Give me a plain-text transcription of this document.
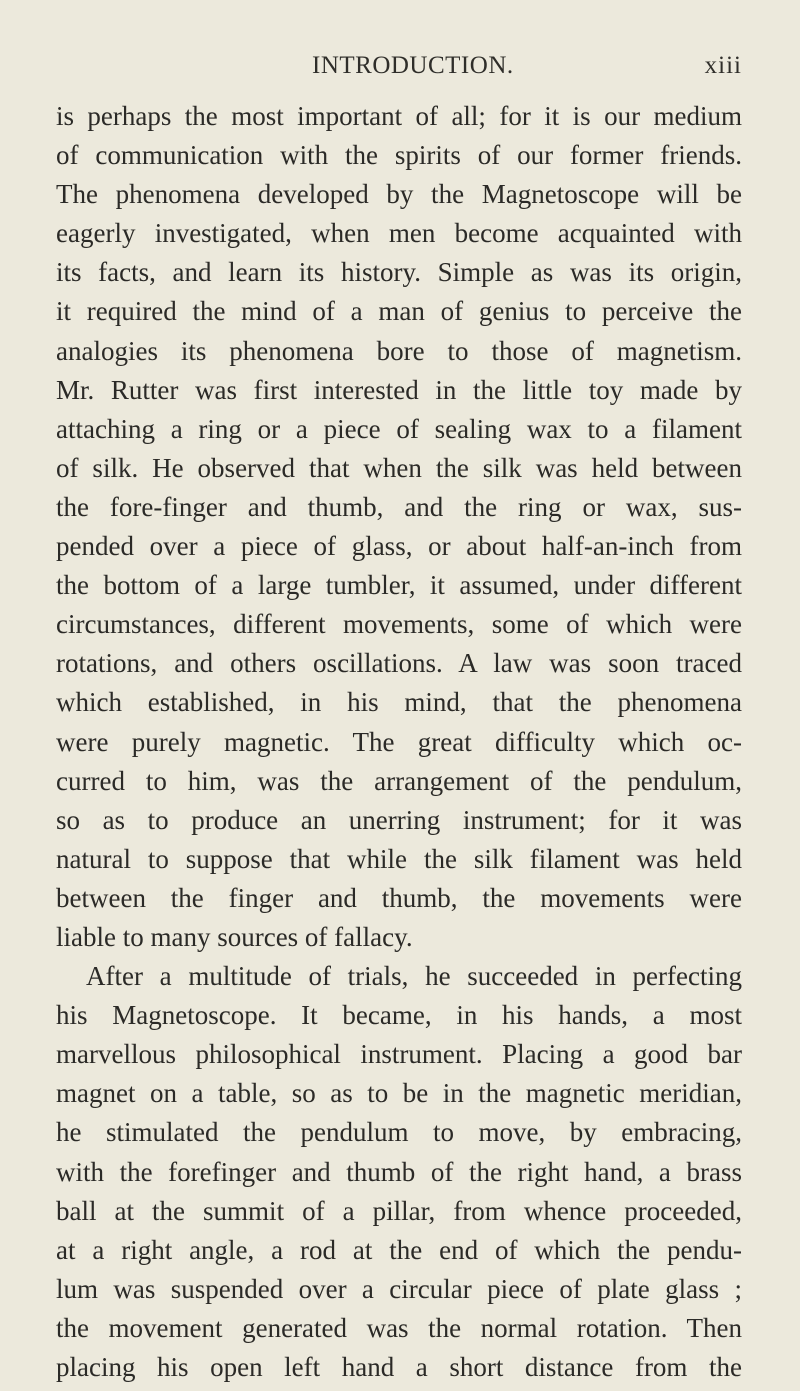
INTRODUCTION.	xiii
is perhaps the most important of all; for it is our medium
of communication with the spirits of our former friends.
The phenomena developed by the Magnetoscope will be
eagerly investigated, when men become acquainted with
its facts, and learn its history. Simple as was its origin,
it required the mind of a man of genius to perceive the
analogies its phenomena bore to those of magnetism.
Mr. Rutter was first interested in the little toy made by
attaching a ring or a piece of sealing wax to a filament
of silk. He observed that when the silk was held between
the fore-finger and thumb, and the ring or wax, sus-
pended over a piece of glass, or about half-an-inch from
the bottom of a large tumbler, it assumed, under different
circumstances, different movements, some of which were
rotations, and others oscillations. A law was soon traced
which established, in his mind, that the phenomena
were purely magnetic. The great difficulty which oc-
curred to him, was the arrangement of the pendulum,
so as to produce an unerring instrument; for it was
natural to suppose that while the silk filament was held
between the finger and thumb, the movements were
liable to many sources of fallacy.
After a multitude of trials, he succeeded in perfecting
his Magnetoscope. It became, in his hands, a most
marvellous philosophical instrument. Placing a good bar
magnet on a table, so as to be in the magnetic meridian,
he stimulated the pendulum to move, by embracing,
with the forefinger and thumb of the right hand, a brass
ball at the summit of a pillar, from whence proceeded,
at a right angle, a rod at the end of which the pendu-
lum was suspended over a circular piece of plate glass ;
the movement generated was the normal rotation. Then
placing his open left hand a short distance from the
